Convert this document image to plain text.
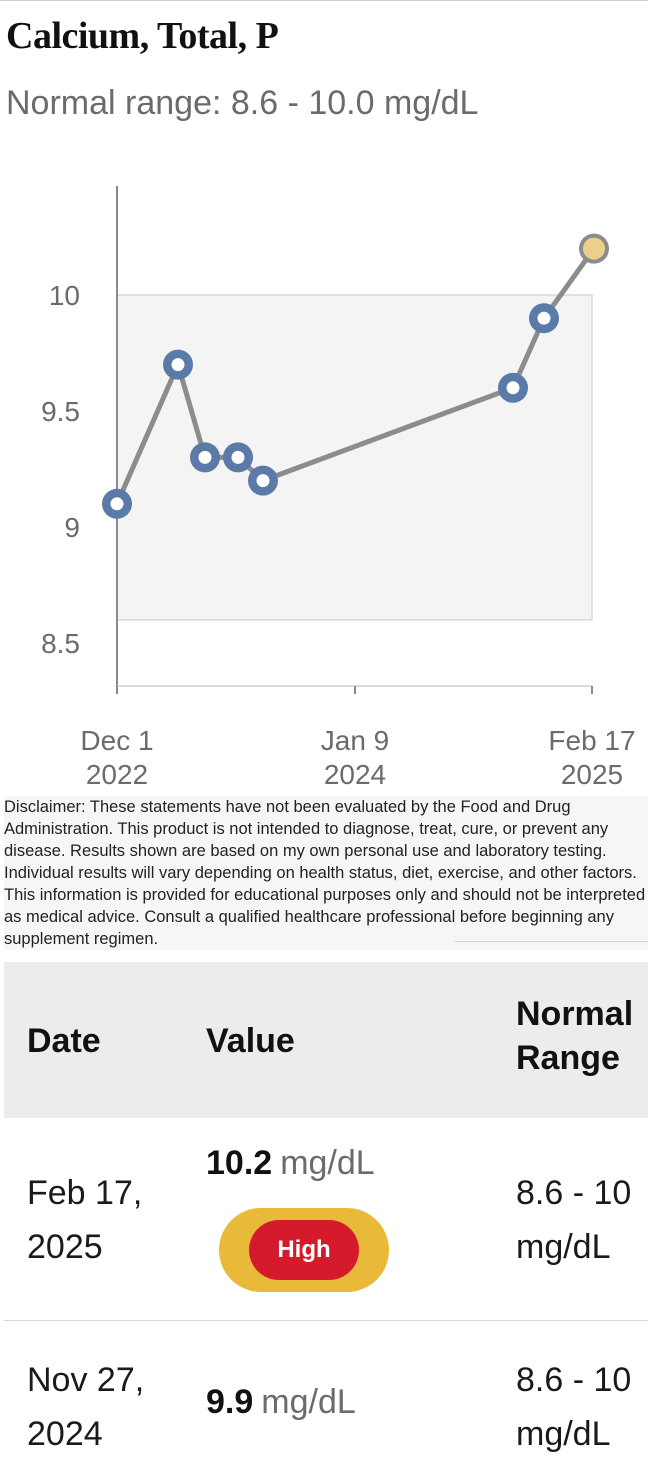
Calcium, Total, P
Normal range: 8.6 - 10.0 mg/dL
10
9.5
9
8.5
Dec 1
2022
Jan 9
2024
Feb 17
2025
Disclaimer: These statements have not been evaluated by the Food and Drug Administration. This product is not intended to diagnose, treat, cure, or prevent any disease. Results shown are based on my own personal use and laboratory testing. Individual results will vary depending on health status, diet, exercise, and other factors. This information is provided for educational purposes only and should not be interpreted as medical advice. Consult a qualified healthcare professional before beginning any supplement regimen.
Date	Value
Normal
Range
Feb 17,
2025
10.2 mg/dL
High
8.6 - 10
mg/dL
Nov 27,
2024
9.9 mg/dL
8.6 - 10
mg/dL
